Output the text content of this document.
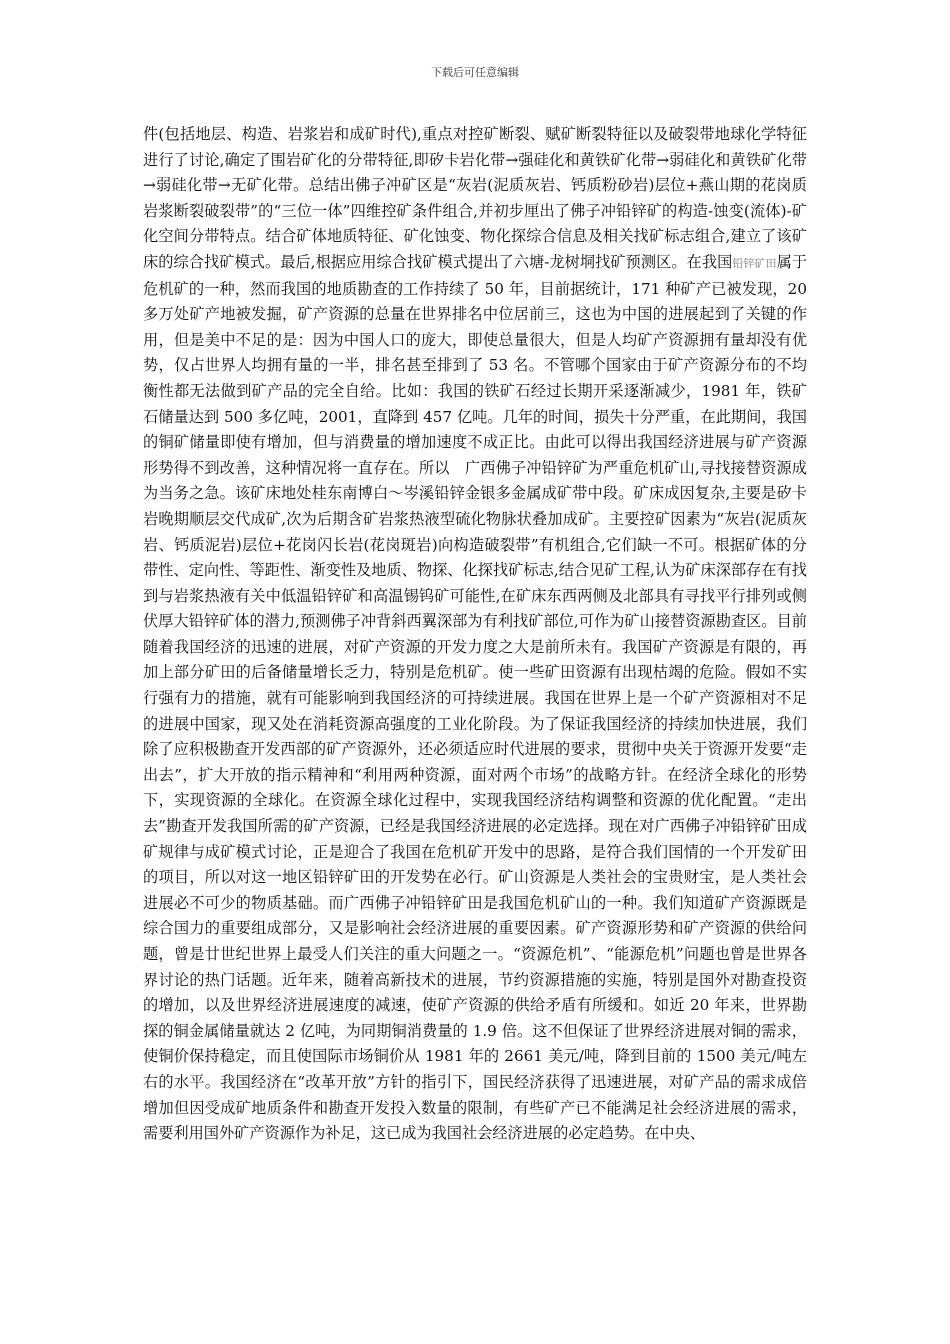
下载后可任意编辑

件(包括地层、构造、岩浆岩和成矿时代),重点对控矿断裂、赋矿断裂特征以及破裂带地球化学特征进行了讨论,确定了围岩矿化的分带特征,即矽卡岩化带→强硅化和黄铁矿化带→弱硅化和黄铁矿化带→弱硅化带→无矿化带。总结出佛子冲矿区是“灰岩(泥质灰岩、钙质粉砂岩)层位+燕山期的花岗质岩浆断裂破裂带”的“三位一体”四维控矿条件组合,并初步厘出了佛子冲铅锌矿的构造-蚀变(流体)-矿化空间分带特点。结合矿体地质特征、矿化蚀变、物化探综合信息及相关找矿标志组合,建立了该矿床的综合找矿模式。最后,根据应用综合找矿模式提出了六塘-龙树垌找矿预测区。在我国铅锌矿田属于危机矿的一种，然而我国的地质勘查的工作持续了 50 年，目前据统计，171 种矿产已被发现，20 多万处矿产地被发掘，矿产资源的总量在世界排名中位居前三，这也为中国的进展起到了关键的作用，但是美中不足的是：因为中国人口的庞大，即使总量很大，但是人均矿产资源拥有量却没有优势，仅占世界人均拥有量的一半，排名甚至排到了 53 名。不管哪个国家由于矿产资源分布的不均衡性都无法做到矿产品的完全自给。比如：我国的铁矿石经过长期开采逐渐减少，1981 年，铁矿石储量达到 500 多亿吨，2001，直降到 457 亿吨。几年的时间，损失十分严重，在此期间，我国的铜矿储量即使有增加，但与消费量的增加速度不成正比。由此可以得出我国经济进展与矿产资源形势得不到改善，这种情况将一直存在。所以　广西佛子冲铅锌矿为严重危机矿山,寻找接替资源成为当务之急。该矿床地处桂东南博白～岑溪铅锌金银多金属成矿带中段。矿床成因复杂,主要是矽卡岩晚期顺层交代成矿,次为后期含矿岩浆热液型硫化物脉状叠加成矿。主要控矿因素为“灰岩(泥质灰岩、钙质泥岩)层位+花岗闪长岩(花岗斑岩)向构造破裂带”有机组合,它们缺一不可。根据矿体的分带性、定向性、等距性、渐变性及地质、物探、化探找矿标志,结合见矿工程,认为矿床深部存在有找到与岩浆热液有关中低温铅锌矿和高温锡钨矿可能性,在矿床东西两侧及北部具有寻找平行排列或侧伏厚大铅锌矿体的潜力,预测佛子冲背斜西翼深部为有利找矿部位,可作为矿山接替资源勘查区。目前随着我国经济的迅速的进展，对矿产资源的开发力度之大是前所未有。我国矿产资源是有限的，再加上部分矿田的后备储量增长乏力，特别是危机矿。使一些矿田资源有出现枯竭的危险。假如不实行强有力的措施，就有可能影响到我国经济的可持续进展。我国在世界上是一个矿产资源相对不足的进展中国家，现又处在消耗资源高强度的工业化阶段。为了保证我国经济的持续加快进展，我们除了应积极勘查开发西部的矿产资源外，还必须适应时代进展的要求，贯彻中央关于资源开发要“走出去”，扩大开放的指示精神和“利用两种资源，面对两个市场”的战略方针。在经济全球化的形势下，实现资源的全球化。在资源全球化过程中，实现我国经济结构调整和资源的优化配置。“走出去”勘查开发我国所需的矿产资源，已经是我国经济进展的必定选择。现在对广西佛子冲铅锌矿田成矿规律与成矿模式讨论，正是迎合了我国在危机矿开发中的思路，是符合我们国情的一个开发矿田的项目，所以对这一地区铅锌矿田的开发势在必行。矿山资源是人类社会的宝贵财宝，是人类社会进展必不可少的物质基础。而广西佛子冲铅锌矿田是我国危机矿山的一种。我们知道矿产资源既是综合国力的重要组成部分，又是影响社会经济进展的重要因素。矿产资源形势和矿产资源的供给问题，曾是廿世纪世界上最受人们关注的重大问题之一。“资源危机”、“能源危机”问题也曾是世界各界讨论的热门话题。近年来，随着高新技术的进展，节约资源措施的实施，特别是国外对勘查投资的增加，以及世界经济进展速度的减速，使矿产资源的供给矛盾有所缓和。如近 20 年来，世界勘探的铜金属储量就达 2 亿吨，为同期铜消费量的 1.9 倍。这不但保证了世界经济进展对铜的需求，使铜价保持稳定，而且使国际市场铜价从 1981 年的 2661 美元/吨，降到目前的 1500 美元/吨左右的水平。我国经济在“改革开放”方针的指引下，国民经济获得了迅速进展，对矿产品的需求成倍增加但因受成矿地质条件和勘查开发投入数量的限制，有些矿产已不能满足社会经济进展的需求，需要利用国外矿产资源作为补足，这已成为我国社会经济进展的必定趋势。在中央、
